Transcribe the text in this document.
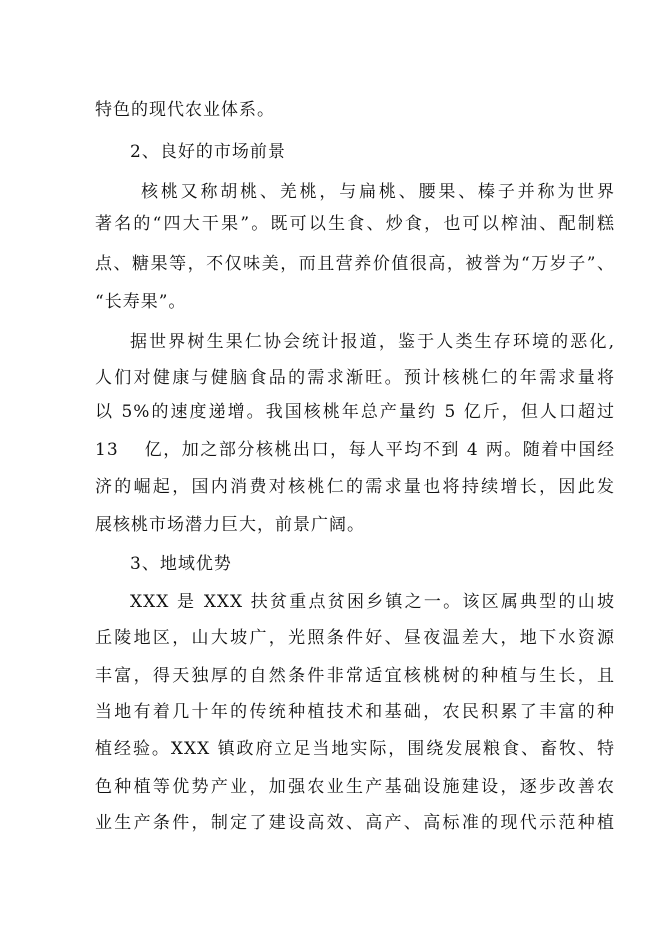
特色的现代农业体系。
2、良好的市场前景
核桃又称胡桃、羌桃，与扁桃、腰果、榛子并称为世界
著名的“四大干果”。既可以生食、炒食，也可以榨油、配制糕
点、糖果等，不仅味美，而且营养价值很高，被誉为“万岁子”、
“长寿果”。
据世界树生果仁协会统计报道，鉴于人类生存环境的恶化,
人们对健康与健脑食品的需求渐旺。预计核桃仁的年需求量将
以 5%的速度递增。我国核桃年总产量约 5 亿斤，但人口超过
13　 亿，加之部分核桃出口，每人平均不到 4 两。随着中国经
济的崛起，国内消费对核桃仁的需求量也将持续增长，因此发
展核桃市场潜力巨大，前景广阔。
3、地域优势
XXX 是 XXX 扶贫重点贫困乡镇之一。该区属典型的山坡
丘陵地区，山大坡广，光照条件好、昼夜温差大，地下水资源
丰富，得天独厚的自然条件非常适宜核桃树的种植与生长，且
当地有着几十年的传统种植技术和基础，农民积累了丰富的种
植经验。XXX 镇政府立足当地实际，围绕发展粮食、畜牧、特
色种植等优势产业，加强农业生产基础设施建设，逐步改善农
业生产条件，制定了建设高效、高产、高标准的现代示范种植
